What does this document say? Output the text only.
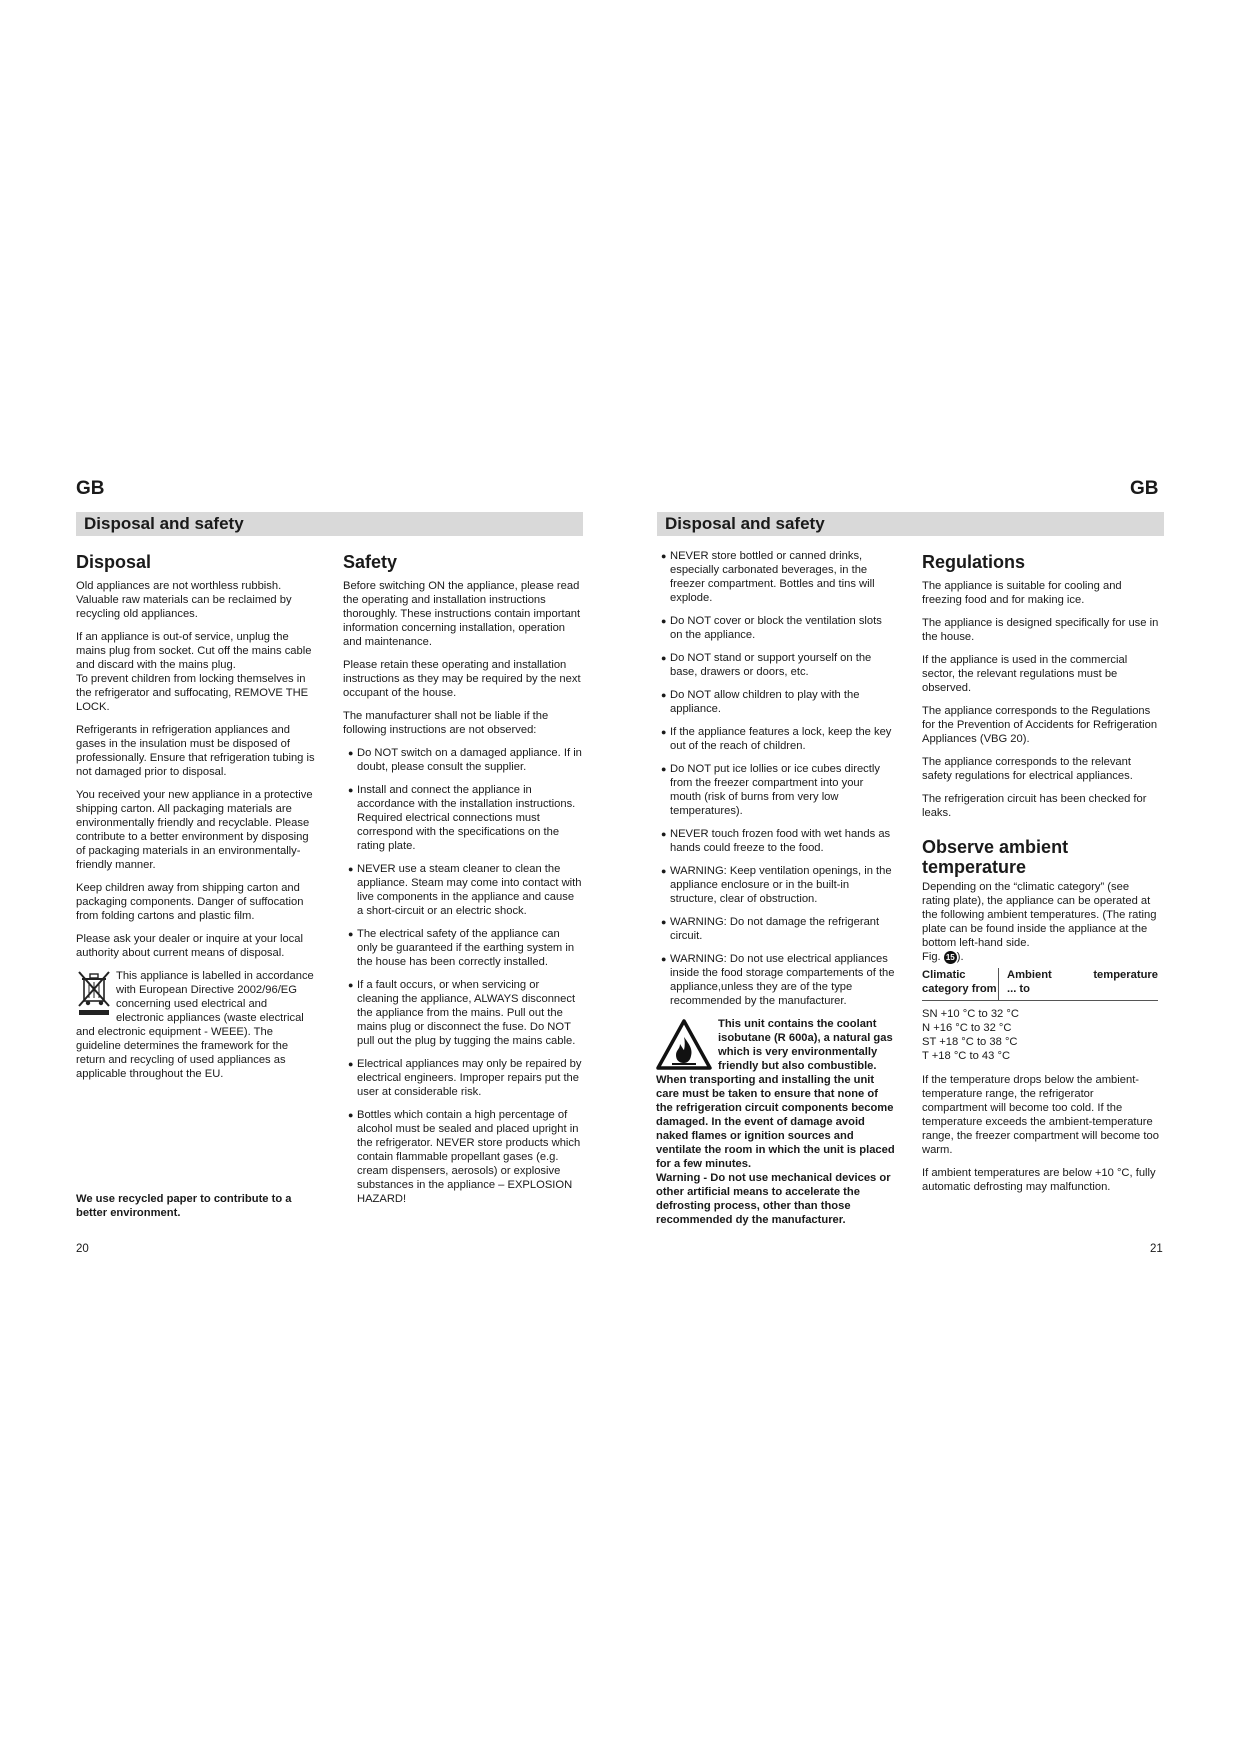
GB
Disposal and safety
Disposal

Old appliances are not worthless rubbish. Valuable raw materials can be reclaimed by recycling old appliances.

If an appliance is out-of service, unplug the mains plug from socket. Cut off the mains cable and discard with the mains plug.

To prevent children from locking themselves in the refrigerator and suffocating, REMOVE THE LOCK.

Refrigerants in refrigeration appliances and gases in the insulation must be disposed of professionally. Ensure that refrigeration tubing is not damaged prior to disposal.

You received your new appliance in a protective shipping carton. All packaging materials are environmentally friendly and recyclable. Please contribute to a better environment by disposing of packaging materials in an environmentally-friendly manner.

Keep children away from shipping carton and packaging components. Danger of suffocation from folding cartons and plastic film.

Please ask your dealer or inquire at your local authority about current means of disposal.

This appliance is labelled in accordance with European Directive 2002/96/EG concerning used electrical and electronic appliances (waste electrical and electronic equipment - WEEE). The guideline determines the framework for the return and recycling of used appliances as applicable throughout the EU.
We use recycled paper to contribute to a better environment.
Safety

Before switching ON the appliance, please read the operating and installation instructions thoroughly. These instructions contain important information concerning installation, operation and maintenance.

Please retain these operating and installation instructions as they may be required by the next occupant of the house.

The manufacturer shall not be liable if the following instructions are not observed:

● Do NOT switch on a damaged appliance. If in doubt, please consult the supplier.
● Install and connect the appliance in accordance with the installation instructions. Required electrical connections must correspond with the specifications on the rating plate.
● NEVER use a steam cleaner to clean the appliance. Steam may come into contact with live components in the appliance and cause a short-circuit or an electric shock.
● The electrical safety of the appliance can only be guaranteed if the earthing system in the house has been correctly installed.
● If a fault occurs, or when servicing or cleaning the appliance, ALWAYS disconnect the appliance from the mains. Pull out the mains plug or disconnect the fuse. Do NOT pull out the plug by tugging the mains cable.
● Electrical appliances may only be repaired by electrical engineers. Improper repairs put the user at considerable risk.
● Bottles which contain a high percentage of alcohol must be sealed and placed upright in the refrigerator. NEVER store products which contain flammable propellant gases (e.g. cream dispensers, aerosols) or explosive substances in the appliance – EXPLOSION HAZARD!
20
GB
Disposal and safety
● NEVER store bottled or canned drinks, especially carbonated beverages, in the freezer compartment. Bottles and tins will explode.
● Do NOT cover or block the ventilation slots on the appliance.
● Do NOT stand or support yourself on the base, drawers or doors, etc.
● Do NOT allow children to play with the appliance.
● If the appliance features a lock, keep the key out of the reach of children.
● Do NOT put ice lollies or ice cubes directly from the freezer compartment into your mouth (risk of burns from very low temperatures).
● NEVER touch frozen food with wet hands as hands could freeze to the food.
● WARNING: Keep ventilation openings, in the appliance enclosure or in the built-in structure, clear of obstruction.
● WARNING: Do not damage the refrigerant circuit.
● WARNING: Do not use electrical appliances inside the food storage compartements of the appliance,unless they are of the type recommended by the manufacturer.
This unit contains the coolant isobutane (R 600a), a natural gas which is very environmentally friendly but also combustible. When transporting and installing the unit care must be taken to ensure that none of the refrigeration circuit components become damaged. In the event of damage avoid naked flames or ignition sources and ventilate the room in which the unit is placed for a few minutes.
Warning - Do not use mechanical devices or other artificial means to accelerate the defrosting process, other than those recommended dy the manufacturer.
Regulations

The appliance is suitable for cooling and freezing food and for making ice.

The appliance is designed specifically for use in the house.

If the appliance is used in the commercial sector, the relevant regulations must be observed.

The appliance corresponds to the Regulations for the Prevention of Accidents for Refrigeration Appliances (VBG 20).

The appliance corresponds to the relevant safety regulations for electrical appliances.

The refrigeration circuit has been checked for leaks.

Observe ambient
temperature

Depending on the “climatic category” (see rating plate), the appliance can be operated at the following ambient temperatures. (The rating plate can be found inside the appliance at the bottom left-hand side.
Fig. 15 ).

Climatic category from	Ambient
... to	temperature
SN +10 °C to 32 °C
N +16 °C to 32 °C
ST +18 °C to 38 °C
T +18 °C to 43 °C

If the temperature drops below the ambient-temperature range, the refrigerator compartment will become too cold. If the temperature exceeds the ambient-temperature range, the freezer compartment will become too warm.

If ambient temperatures are below +10 °C, fully automatic defrosting may malfunction.

21
